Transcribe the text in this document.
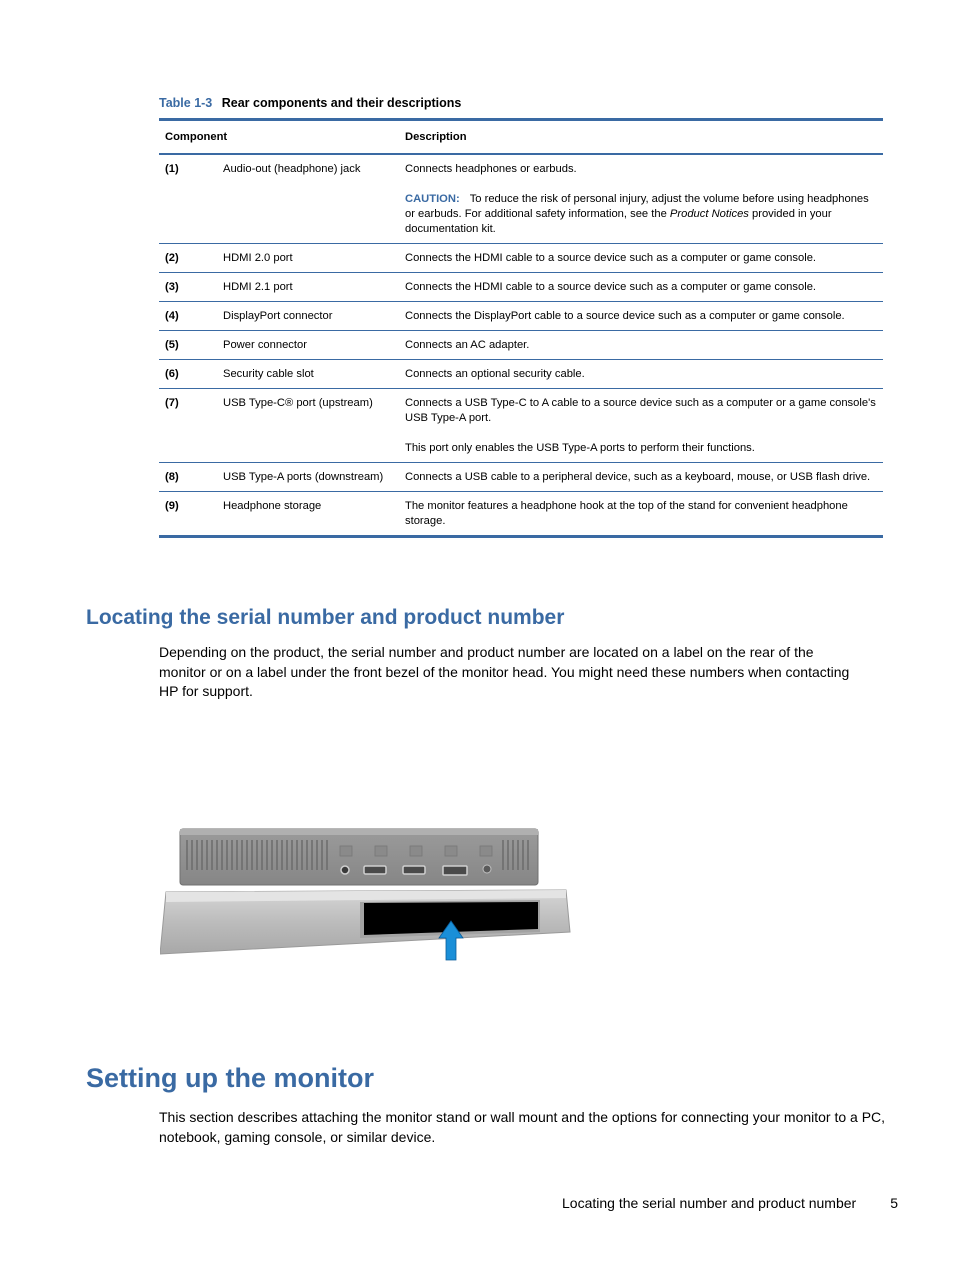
Table 1-3 Rear components and their descriptions
Component		Description
(1)	Audio-out (headphone) jack	Connects headphones or earbuds.

CAUTION: To reduce the risk of personal injury, adjust the volume before using headphones or earbuds. For additional safety information, see the Product Notices provided in your documentation kit.

(2)	HDMI 2.0 port	Connects the HDMI cable to a source device such as a computer or game console.
(3)	HDMI 2.1 port	Connects the HDMI cable to a source device such as a computer or game console.
(4)	DisplayPort connector	Connects the DisplayPort cable to a source device such as a computer or game console.
(5)	Power connector	Connects an AC adapter.
(6)	Security cable slot	Connects an optional security cable.
(7)	USB Type-C® port (upstream)	Connects a USB Type-C to A cable to a source device such as a computer or a game console's USB Type-A port.

This port only enables the USB Type-A ports to perform their functions.

(8)	USB Type-A ports (downstream)	Connects a USB cable to a peripheral device, such as a keyboard, mouse, or USB flash drive.
(9)	Headphone storage	The monitor features a headphone hook at the top of the stand for convenient headphone storage.
Locating the serial number and product number

Depending on the product, the serial number and product number are located on a label on the rear of the monitor or on a label under the front bezel of the monitor head. You might need these numbers when contacting HP for support.

Setting up the monitor

This section describes attaching the monitor stand or wall mount and the options for connecting your monitor to a PC, notebook, gaming console, or similar device.

Locating the serial number and product number 5
